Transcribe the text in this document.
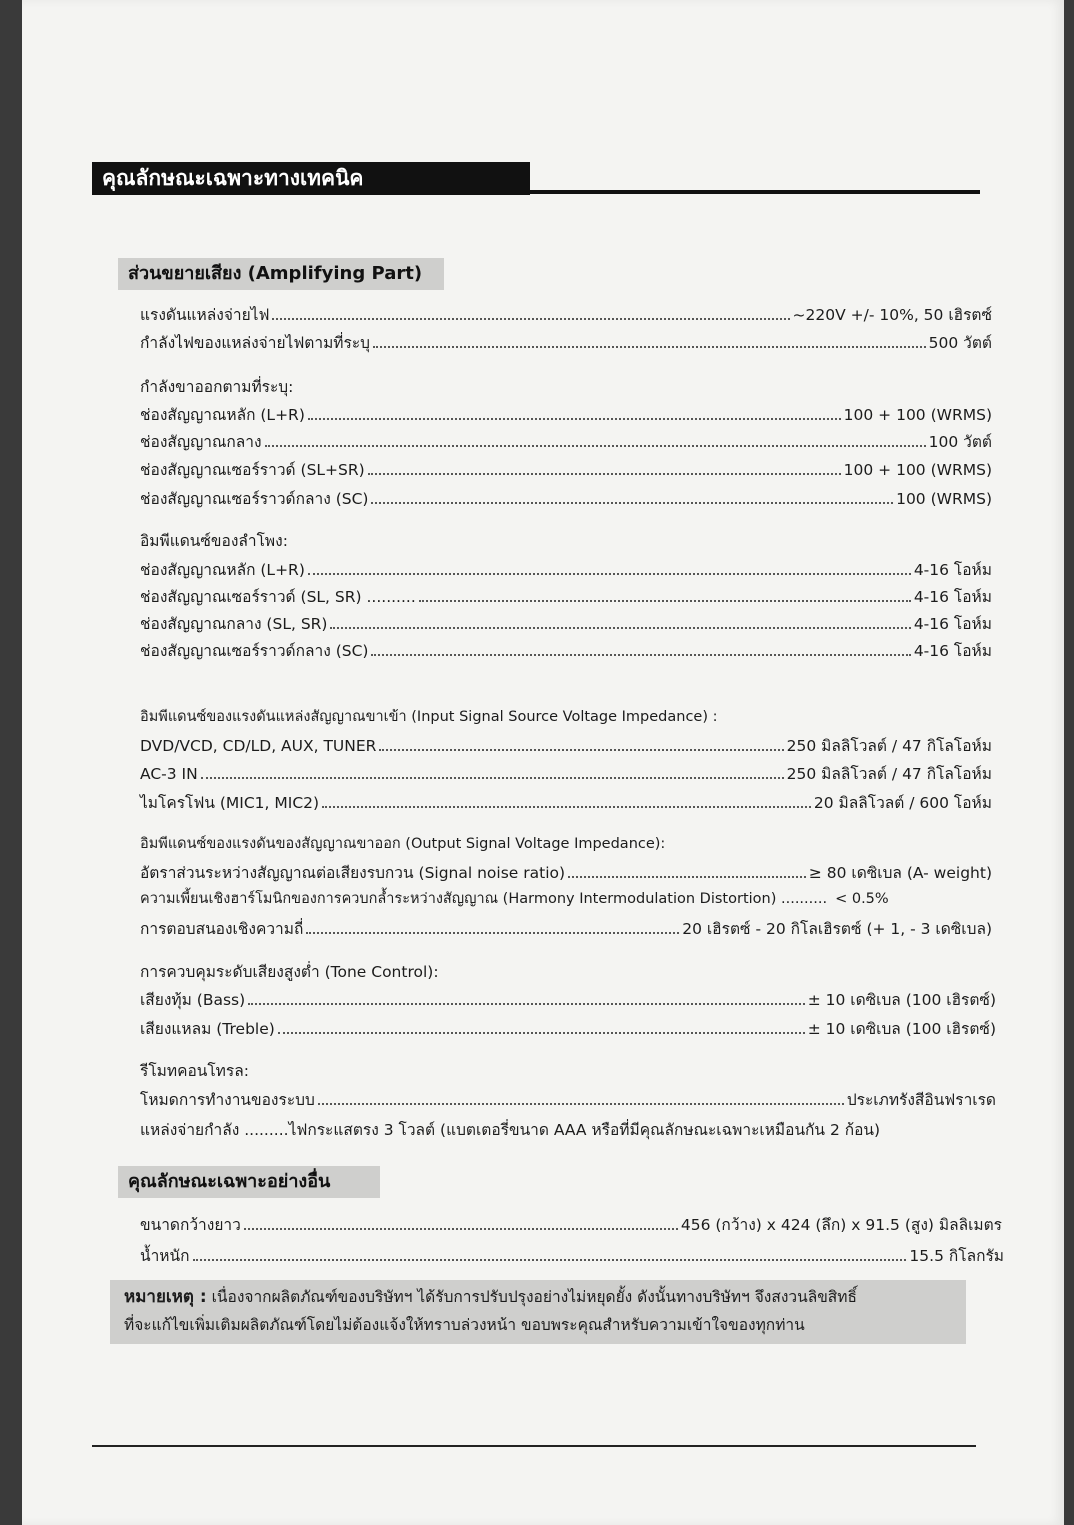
คุณลักษณะเฉพาะทางเทคนิค
ส่วนขยายเสียง (Amplifying Part)
แรงดันแหล่งจ่ายไฟ	~220V +/- 10%, 50 เฮิรตซ์
กำลังไฟของแหล่งจ่ายไฟตามที่ระบุ	500 วัตต์
กำลังขาออกตามที่ระบุ:
ช่องสัญญาณหลัก (L+R)	100 + 100 (WRMS)
ช่องสัญญาณกลาง	100 วัตต์
ช่องสัญญาณเซอร์ราวด์ (SL+SR)	100 + 100 (WRMS)
ช่องสัญญาณเซอร์ราวด์กลาง (SC)	100 (WRMS)
อิมพีแดนซ์ของลำโพง:
ช่องสัญญาณหลัก (L+R)	4-16 โอห์ม
ช่องสัญญาณเซอร์ราวด์ (SL, SR) ..........	4-16 โอห์ม
ช่องสัญญาณกลาง (SL, SR)	4-16 โอห์ม
ช่องสัญญาณเซอร์ราวด์กลาง (SC)	4-16 โอห์ม
อิมพีแดนซ์ของแรงดันแหล่งสัญญาณขาเข้า (Input Signal Source Voltage Impedance) :
DVD/VCD, CD/LD, AUX, TUNER	250 มิลลิโวลต์ / 47 กิโลโอห์ม
AC-3 IN	250 มิลลิโวลต์ / 47 กิโลโอห์ม
ไมโครโฟน (MIC1, MIC2)	20 มิลลิโวลต์ / 600 โอห์ม
อิมพีแดนซ์ของแรงดันของสัญญาณขาออก (Output Signal Voltage Impedance):
อัตราส่วนระหว่างสัญญาณต่อเสียงรบกวน (Signal noise ratio)	≥ 80 เดซิเบล (A- weight)
ความเพี้ยนเชิงฮาร์โมนิกของการควบกล้ำระหว่างสัญญาณ (Harmony Intermodulation Distortion) .......... < 0.5%
การตอบสนองเชิงความถี่	20 เฮิรตซ์ - 20 กิโลเฮิรตซ์ (+ 1, - 3 เดซิเบล)
การควบคุมระดับเสียงสูงต่ำ (Tone Control):
เสียงทุ้ม (Bass)	± 10 เดซิเบล (100 เฮิรตซ์)
เสียงแหลม (Treble)	± 10 เดซิเบล (100 เฮิรตซ์)
รีโมทคอนโทรล:
โหมดการทำงานของระบบ	ประเภทรังสีอินฟราเรด
แหล่งจ่ายกำลัง ......... ไฟกระแสตรง 3 โวลต์ (แบตเตอรี่ขนาด AAA หรือที่มีคุณลักษณะเฉพาะเหมือนกัน 2 ก้อน)
คุณลักษณะเฉพาะอย่างอื่น
ขนาดกว้างยาว	456 (กว้าง) x 424 (ลึก) x 91.5 (สูง) มิลลิเมตร
น้ำหนัก	15.5 กิโลกรัม
หมายเหตุ : เนื่องจากผลิตภัณฑ์ของบริษัทฯ ได้รับการปรับปรุงอย่างไม่หยุดยั้ง ดังนั้นทางบริษัทฯ จึงสงวนลิขสิทธิ์
ที่จะแก้ไขเพิ่มเติมผลิตภัณฑ์โดยไม่ต้องแจ้งให้ทราบล่วงหน้า ขอบพระคุณสำหรับความเข้าใจของทุกท่าน
